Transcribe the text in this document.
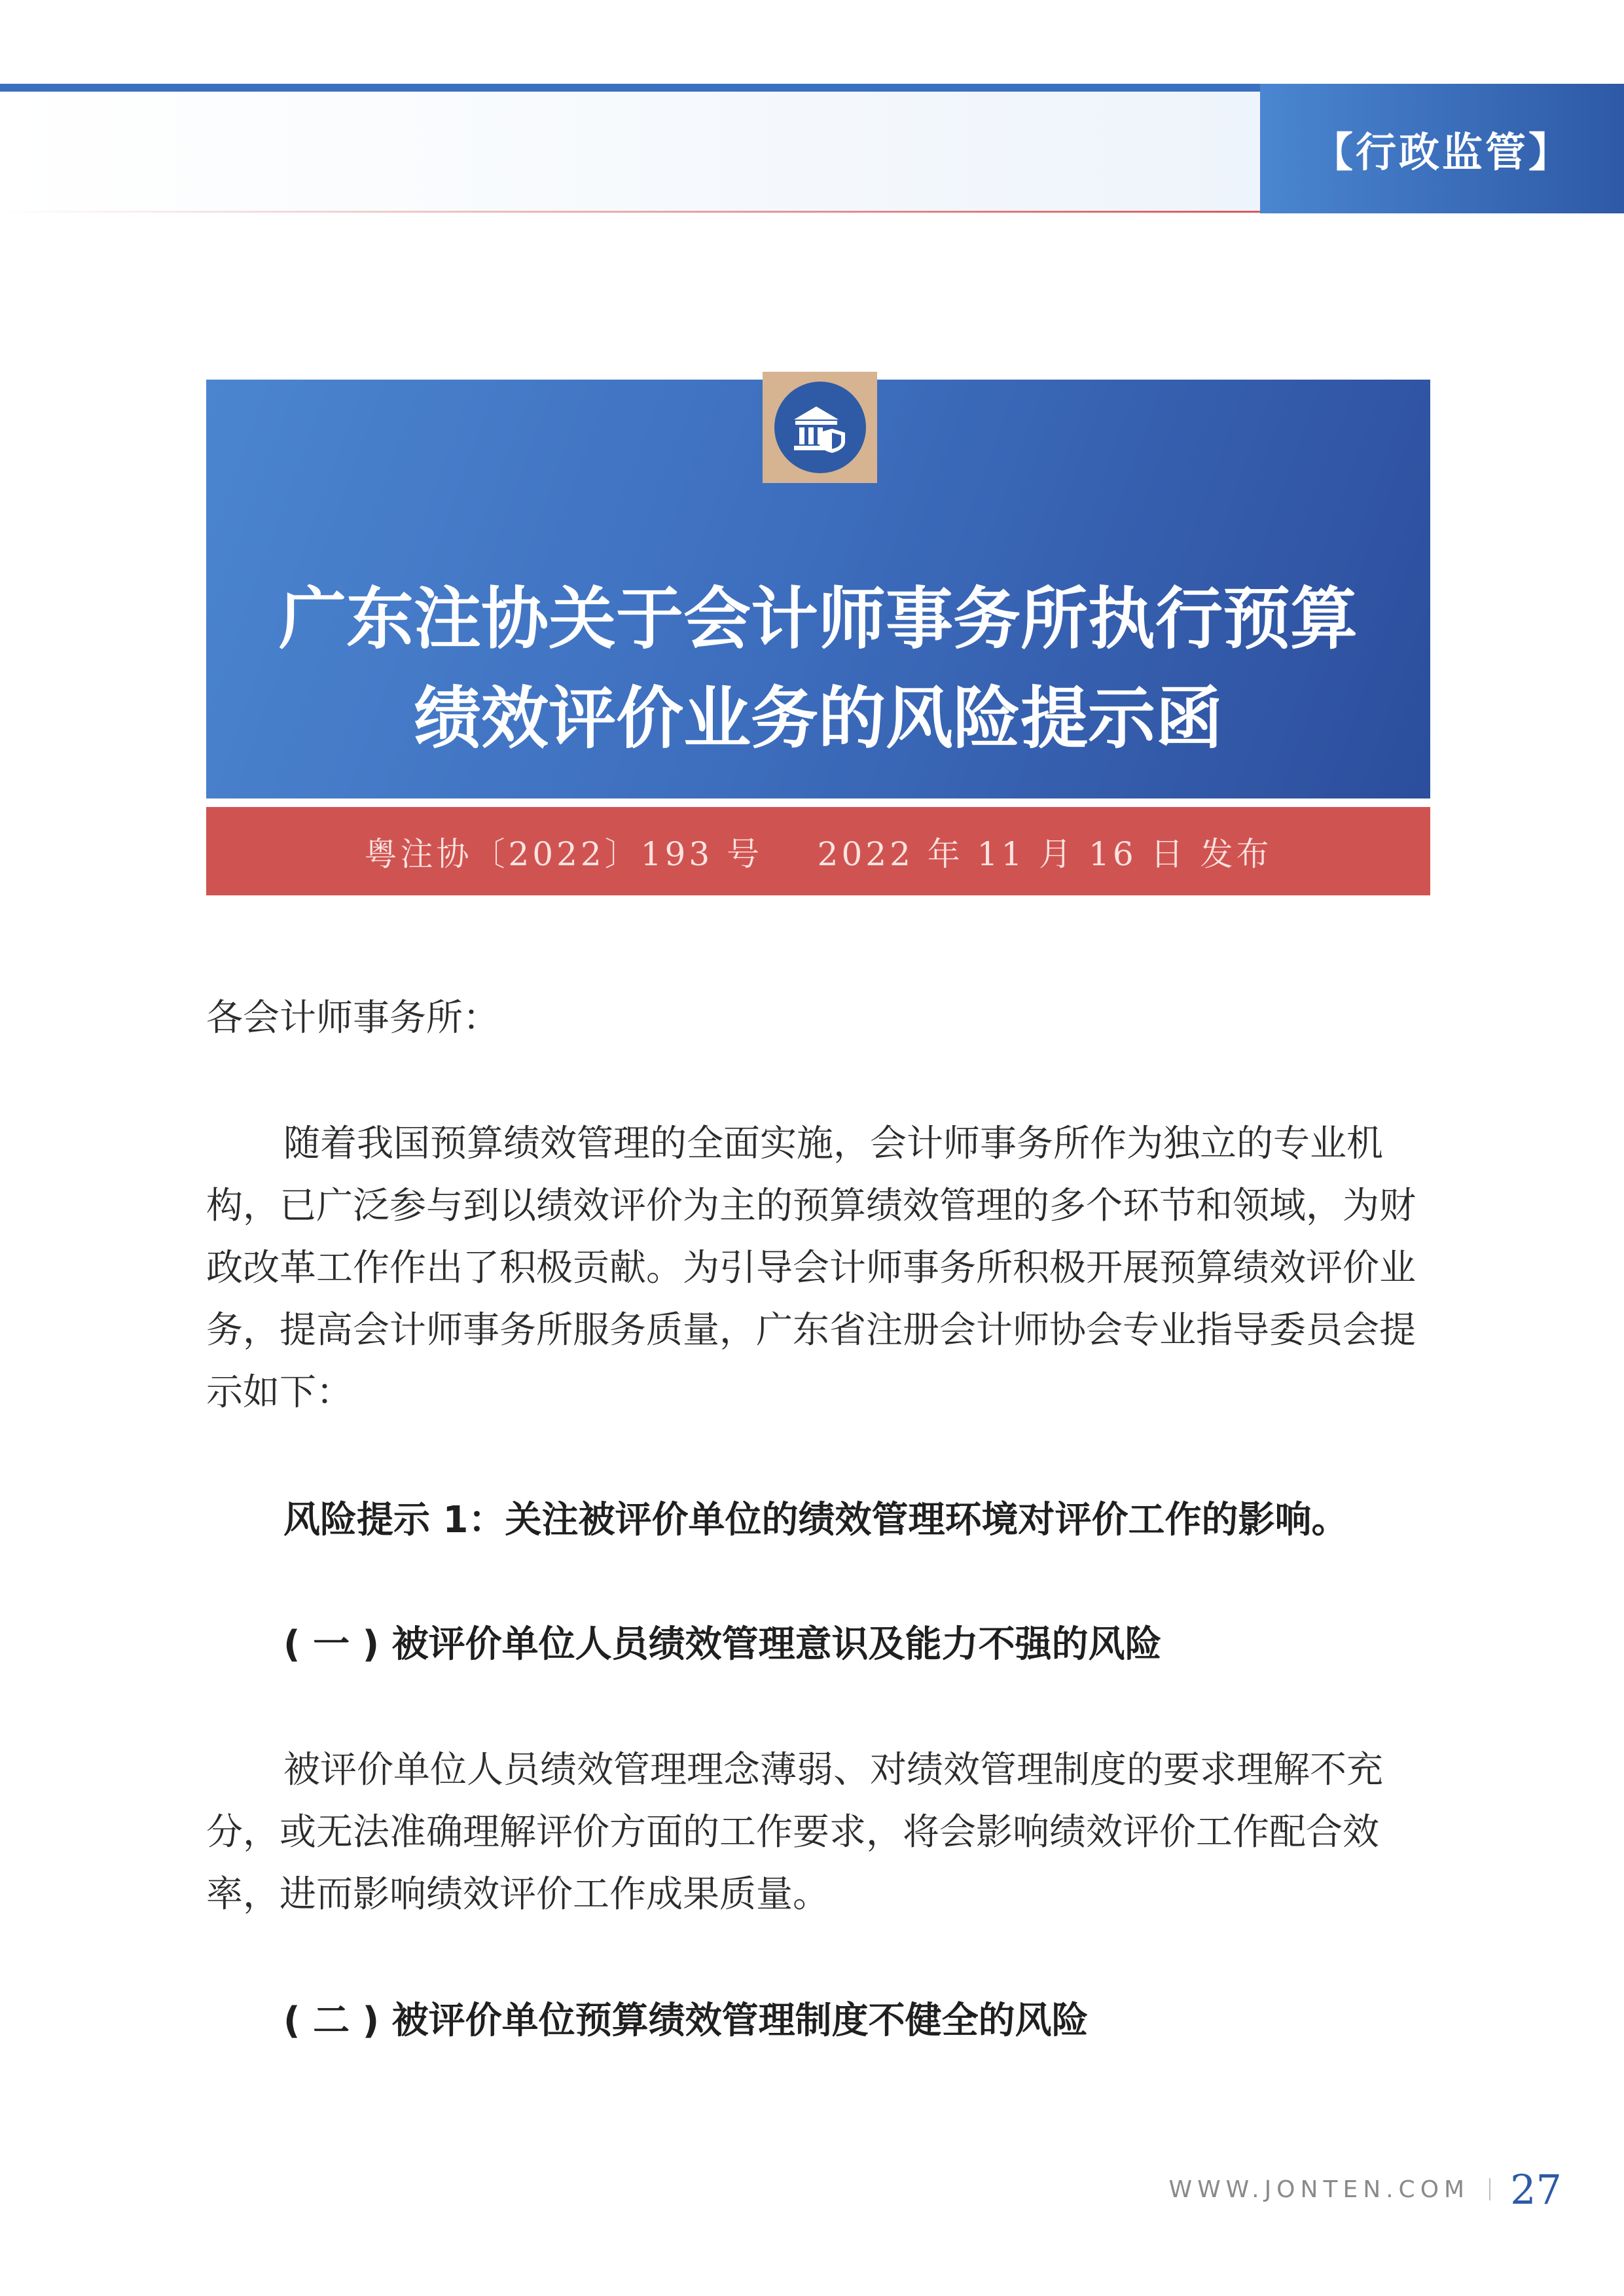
【行政监管】
广东注协关于会计师事务所执行预算
绩效评价业务的风险提示函
粤注协〔2022〕193 号    2022 年 11 月 16 日 发布

各会计师事务所：

随着我国预算绩效管理的全面实施，会计师事务所作为独立的专业机构，已广泛参与到以绩效评价为主的预算绩效管理的多个环节和领域，为财政改革工作作出了积极贡献。为引导会计师事务所积极开展预算绩效评价业务，提高会计师事务所服务质量，广东省注册会计师协会专业指导委员会提示如下：

风险提示 1：关注被评价单位的绩效管理环境对评价工作的影响。

( 一 ) 被评价单位人员绩效管理意识及能力不强的风险

被评价单位人员绩效管理理念薄弱、对绩效管理制度的要求理解不充分，或无法准确理解评价方面的工作要求，将会影响绩效评价工作配合效率，进而影响绩效评价工作成果质量。

( 二 ) 被评价单位预算绩效管理制度不健全的风险

WWW.JONTEN.COM 27
